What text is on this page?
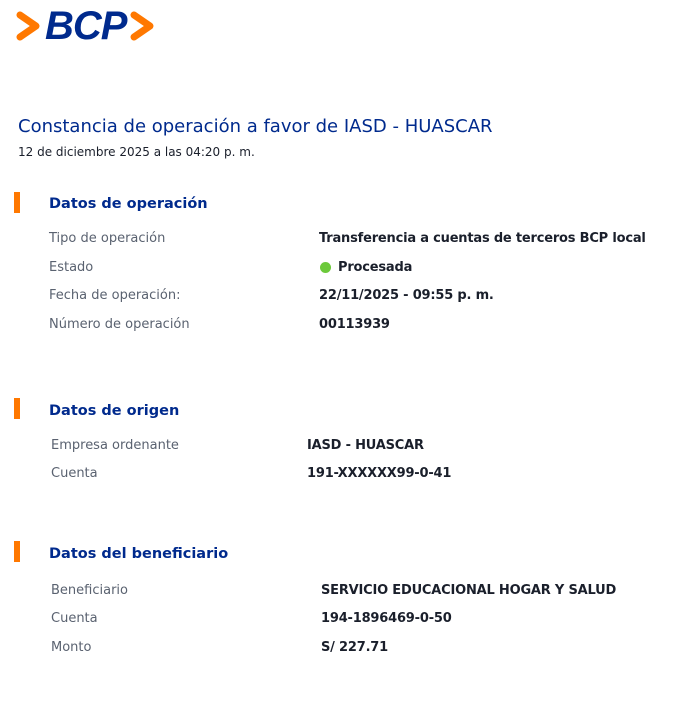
BCP
Constancia de operación a favor de IASD - HUASCAR
12 de diciembre 2025 a las 04:20 p. m.
Datos de operación
Tipo de operación	Transferencia a cuentas de terceros BCP local
Estado	Procesada
Fecha de operación:	22/11/2025 - 09:55 p. m.
Número de operación	00113939
Datos de origen
Empresa ordenante	IASD - HUASCAR
Cuenta	191-XXXXXX99-0-41
Datos del beneficiario
Beneficiario	SERVICIO EDUCACIONAL HOGAR Y SALUD
Cuenta	194-1896469-0-50
Monto	S/ 227.71
